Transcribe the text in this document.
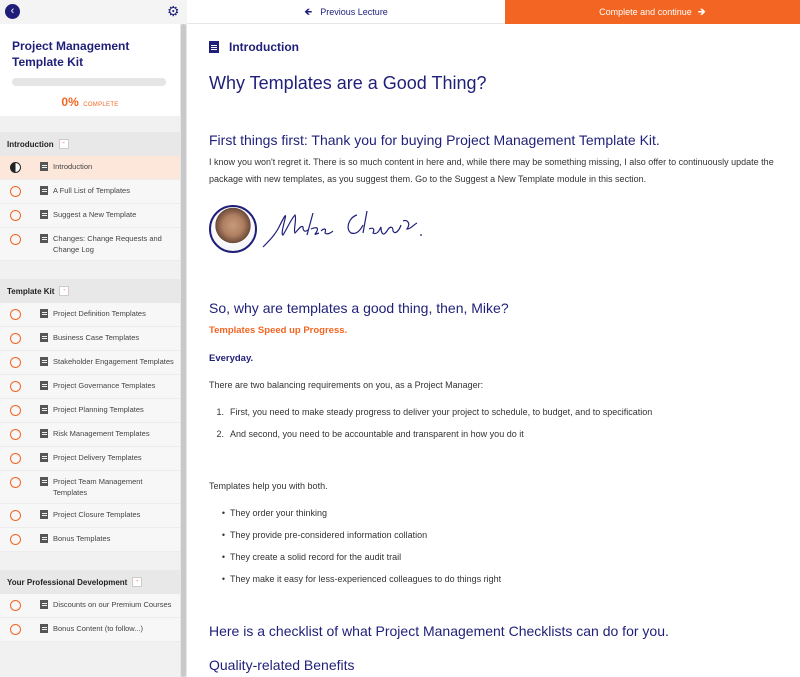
‹	⚙
Project Management Template Kit
0% COMPLETE
Introduction	-
Introduction
A Full List of Templates
Suggest a New Template
Changes: Change Requests and Change Log
Template Kit	-
Project Definition Templates
Business Case Templates
Stakeholder Engagement Templates
Project Governance Templates
Project Planning Templates
Risk Management Templates
Project Delivery Templates
Project Team Management Templates
Project Closure Templates
Bonus Templates
Your Professional Development	-
Discounts on our Premium Courses
Bonus Content (to follow...)
🡸 Previous Lecture	Complete and continue 🡺
Introduction
Why Templates are a Good Thing?
First things first: Thank you for buying Project Management Template Kit.
I know you won't regret it. There is so much content in here and, while there may be something missing, I also offer to continuously update the package with new templates, as you suggest them. Go to the Suggest a New Template module in this section.
So, why are templates a good thing, then, Mike?
Templates Speed up Progress.
Everyday.
There are two balancing requirements on you, as a Project Manager:
1. First, you need to make steady progress to deliver your project to schedule, to budget, and to specification
2. And second, you need to be accountable and transparent in how you do it
Templates help you with both.
• They order your thinking
• They provide pre-considered information collation
• They create a solid record for the audit trail
• They make it easy for less-experienced colleagues to do things right
Here is a checklist of what Project Management Checklists can do for you.
Quality-related Benefits
